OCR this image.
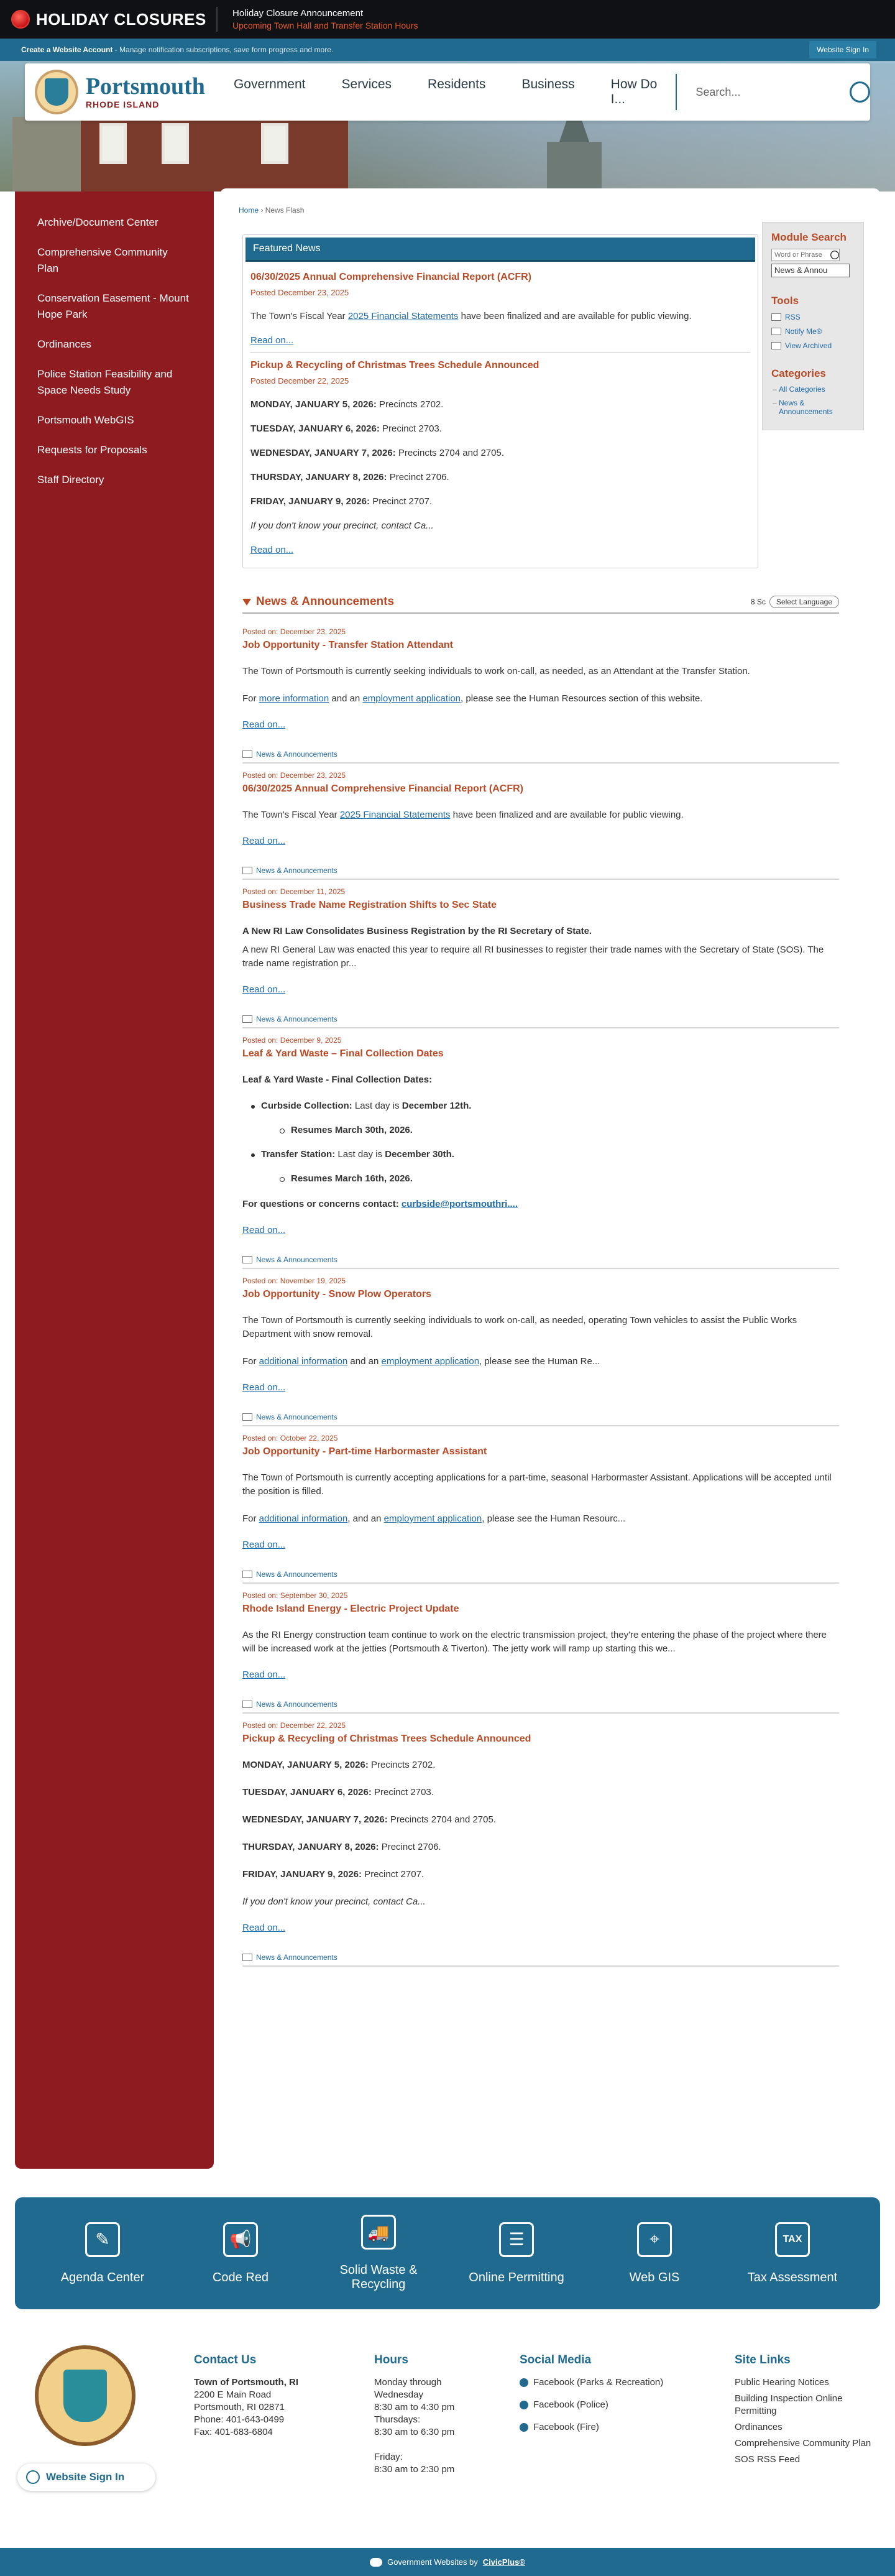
HOLIDAY CLOSURES	Holiday Closure Announcement
Upcoming Town Hall and Transfer Station Hours
Create a Website Account - Manage notification subscriptions, save form progress and more.	Website Sign In
Portsmouth
RHODE ISLAND
Government	Services	Residents	Business	How Do I...
Search...
Archive/Document Center
Comprehensive Community Plan
Conservation Easement - Mount Hope Park
Ordinances
Police Station Feasibility and Space Needs Study
Portsmouth WebGIS
Requests for Proposals
Staff Directory
Home › News Flash
Featured News
06/30/2025 Annual Comprehensive Financial Report (ACFR)
Posted December 23, 2025
The Town's Fiscal Year 2025 Financial Statements have been finalized and are available for public viewing.
Read on...
Pickup & Recycling of Christmas Trees Schedule Announced
Posted December 22, 2025
MONDAY, JANUARY 5, 2026: Precincts 2702.
TUESDAY, JANUARY 6, 2026: Precinct 2703.
WEDNESDAY, JANUARY 7, 2026: Precincts 2704 and 2705.
THURSDAY, JANUARY 8, 2026: Precinct 2706.
FRIDAY, JANUARY 9, 2026: Precinct 2707.
If you don't know your precinct, contact Ca...
Read on...
Module Search
Word or Phrase
News & Annou
Tools
RSS
Notify Me®
View Archived
Categories
– All Categories
– News & Announcements
News & Announcements	8 Sc	Select Language
Posted on: December 23, 2025
Job Opportunity - Transfer Station Attendant
The Town of Portsmouth is currently seeking individuals to work on-call, as needed, as an Attendant at the Transfer Station.
For more information and an employment application, please see the Human Resources section of this website.
Read on...
News & Announcements
Posted on: December 23, 2025
06/30/2025 Annual Comprehensive Financial Report (ACFR)
The Town's Fiscal Year 2025 Financial Statements have been finalized and are available for public viewing.
Read on...
News & Announcements
Posted on: December 11, 2025
Business Trade Name Registration Shifts to Sec State
A New RI Law Consolidates Business Registration by the RI Secretary of State.
A new RI General Law was enacted this year to require all RI businesses to register their trade names with the Secretary of State (SOS). The trade name registration pr...
Read on...
News & Announcements
Posted on: December 9, 2025
Leaf & Yard Waste – Final Collection Dates
Leaf & Yard Waste - Final Collection Dates:
Curbside Collection: Last day is December 12th.
Resumes March 30th, 2026.
Transfer Station: Last day is December 30th.
Resumes March 16th, 2026.
For questions or concerns contact: curbside@portsmouthri....
Read on...
News & Announcements
Posted on: November 19, 2025
Job Opportunity - Snow Plow Operators
The Town of Portsmouth is currently seeking individuals to work on-call, as needed, operating Town vehicles to assist the Public Works Department with snow removal.
For additional information and an employment application, please see the Human Re...
Read on...
News & Announcements
Posted on: October 22, 2025
Job Opportunity - Part-time Harbormaster Assistant
The Town of Portsmouth is currently accepting applications for a part-time, seasonal Harbormaster Assistant. Applications will be accepted until the position is filled.
For additional information, and an employment application, please see the Human Resourc...
Read on...
News & Announcements
Posted on: September 30, 2025
Rhode Island Energy - Electric Project Update
As the RI Energy construction team continue to work on the electric transmission project, they're entering the phase of the project where there will be increased work at the jetties (Portsmouth & Tiverton). The jetty work will ramp up starting this we...
Read on...
News & Announcements
Posted on: December 22, 2025
Pickup & Recycling of Christmas Trees Schedule Announced
MONDAY, JANUARY 5, 2026: Precincts 2702.
TUESDAY, JANUARY 6, 2026: Precinct 2703.
WEDNESDAY, JANUARY 7, 2026: Precincts 2704 and 2705.
THURSDAY, JANUARY 8, 2026: Precinct 2706.
FRIDAY, JANUARY 9, 2026: Precinct 2707.
If you don't know your precinct, contact Ca...
Read on...
News & Announcements
✎
Agenda Center
📢
Code Red
🚚
Solid Waste & Recycling
☰
Online Permitting
⌖
Web GIS
TAX
Tax Assessment
Contact Us
Town of Portsmouth, RI
2200 E Main Road
Portsmouth, RI 02871
Phone: 401-643-0499
Fax: 401-683-6804
Hours
Monday through
Wednesday
8:30 am to 4:30 pm
Thursdays:
8:30 am to 6:30 pm
Friday:
8:30 am to 2:30 pm
Social Media
Facebook (Parks & Recreation)
Facebook (Police)
Facebook (Fire)
Site Links
Public Hearing Notices
Building Inspection Online Permitting
Ordinances
Comprehensive Community Plan
SOS RSS Feed
Website Sign In
Government Websites by CivicPlus®
